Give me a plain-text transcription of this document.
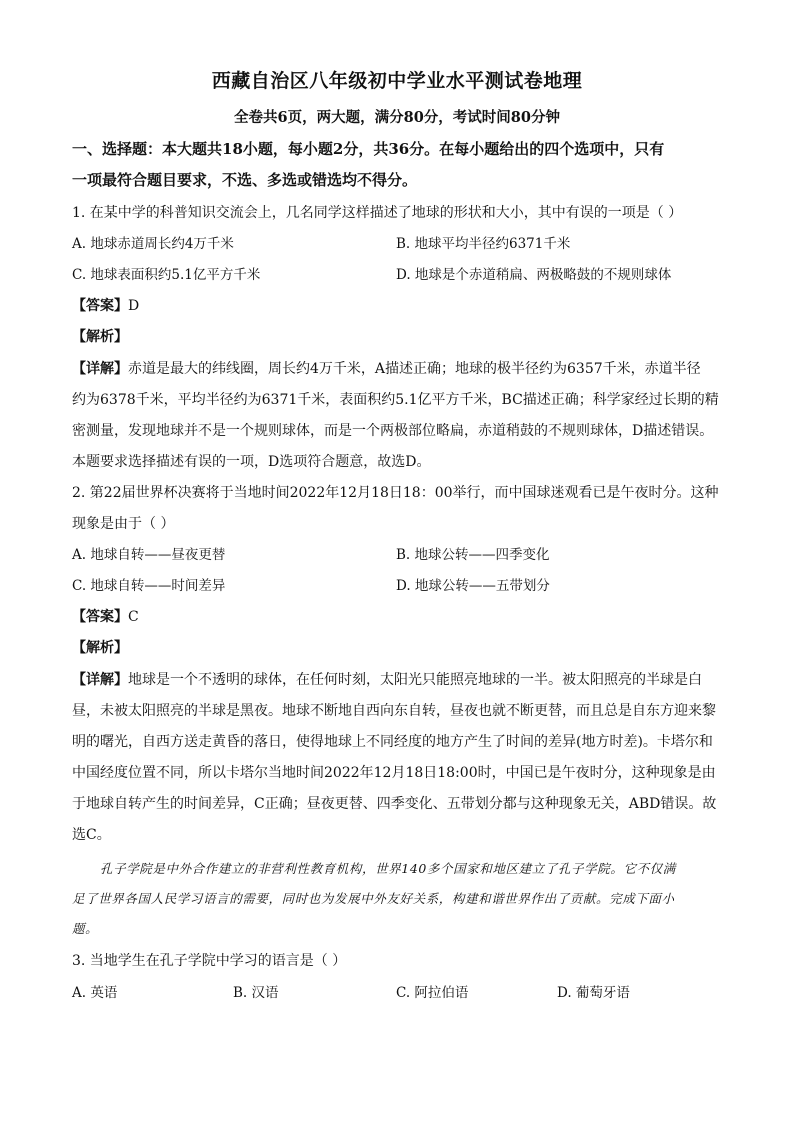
西藏自治区八年级初中学业水平测试卷地理
全卷共6页，两大题，满分80分，考试时间80分钟
一、选择题：本大题共18小题，每小题2分，共36分。在每小题给出的四个选项中，只有
一项最符合题目要求，不选、多选或错选均不得分。
1. 在某中学的科普知识交流会上，几名同学这样描述了地球的形状和大小，其中有误的一项是（ ）
A. 地球赤道周长约4万千米	B. 地球平均半径约6371千米
C. 地球表面积约5.1亿平方千米	D. 地球是个赤道稍扁、两极略鼓的不规则球体
【答案】D
【解析】
【详解】赤道是最大的纬线圈，周长约4万千米，A描述正确；地球的极半径约为6357千米，赤道半径
约为6378千米，平均半径约为6371千米，表面积约5.1亿平方千米，BC描述正确；科学家经过长期的精
密测量，发现地球并不是一个规则球体，而是一个两极部位略扁，赤道稍鼓的不规则球体，D描述错误。
本题要求选择描述有误的一项，D选项符合题意，故选D。
2. 第22届世界杯决赛将于当地时间2022年12月18日18：00举行，而中国球迷观看已是午夜时分。这种
现象是由于（ ）
A. 地球自转——昼夜更替	B. 地球公转——四季变化
C. 地球自转——时间差异	D. 地球公转——五带划分
【答案】C
【解析】
【详解】地球是一个不透明的球体，在任何时刻，太阳光只能照亮地球的一半。被太阳照亮的半球是白
昼，未被太阳照亮的半球是黑夜。地球不断地自西向东自转，昼夜也就不断更替，而且总是自东方迎来黎
明的曙光，自西方送走黄昏的落日，使得地球上不同经度的地方产生了时间的差异(地方时差)。卡塔尔和
中国经度位置不同，所以卡塔尔当地时间2022年12月18日18:00时，中国已是午夜时分，这种现象是由
于地球自转产生的时间差异，C正确；昼夜更替、四季变化、五带划分都与这种现象无关，ABD错误。故
选C。
孔子学院是中外合作建立的非营利性教育机构，世界140多个国家和地区建立了孔子学院。它不仅满
足了世界各国人民学习语言的需要，同时也为发展中外友好关系，构建和谐世界作出了贡献。完成下面小
题。
3. 当地学生在孔子学院中学习的语言是（ ）
A. 英语	B. 汉语	C. 阿拉伯语	D. 葡萄牙语
